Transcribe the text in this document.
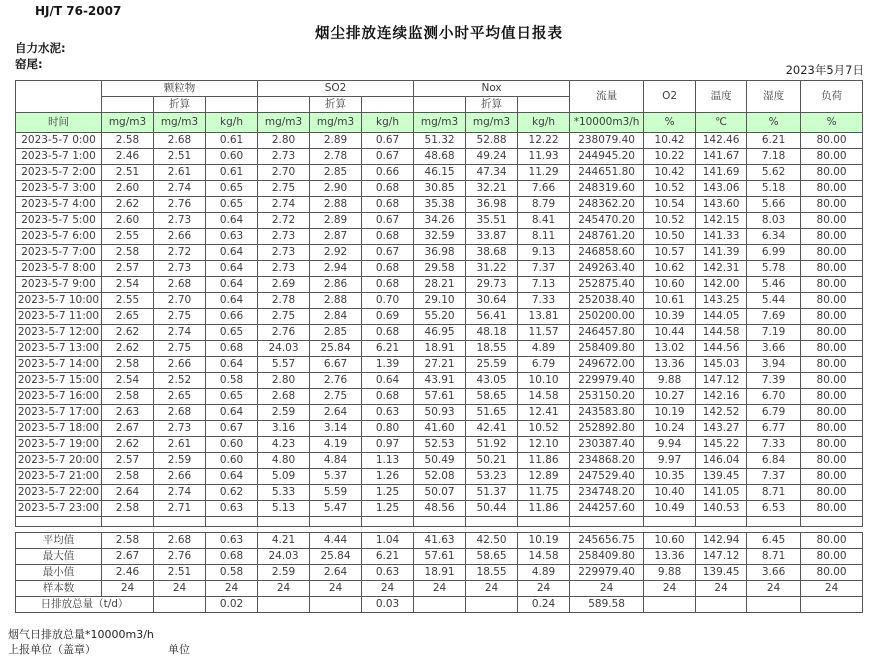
HJ/T 76-2007
烟尘排放连续监测小时平均值日报表
自力水泥:
窑尾:	2023年5月7日
	颗粒物			SO2			Nox			流量	O2	温度	湿度	负荷
		折算			折算			折算						
时间	mg/m3	mg/m3	kg/h	mg/m3	mg/m3	kg/h	mg/m3	mg/m3	kg/h	*10000m3/h	%	℃	%	%
2023-5-7 0:00	2.58	2.68	0.61	2.80	2.89	0.67	51.32	52.88	12.22	238079.40	10.42	142.46	6.21	80.00
2023-5-7 1:00	2.46	2.51	0.60	2.73	2.78	0.67	48.68	49.24	11.93	244945.20	10.22	141.67	7.18	80.00
2023-5-7 2:00	2.51	2.61	0.61	2.70	2.85	0.66	46.15	47.34	11.29	244651.80	10.42	141.69	5.62	80.00
2023-5-7 3:00	2.60	2.74	0.65	2.75	2.90	0.68	30.85	32.21	7.66	248319.60	10.52	143.06	5.18	80.00
2023-5-7 4:00	2.62	2.76	0.65	2.74	2.88	0.68	35.38	36.98	8.79	248362.20	10.54	143.60	5.66	80.00
2023-5-7 5:00	2.60	2.73	0.64	2.72	2.89	0.67	34.26	35.51	8.41	245470.20	10.52	142.15	8.03	80.00
2023-5-7 6:00	2.55	2.66	0.63	2.73	2.87	0.68	32.59	33.87	8.11	248761.20	10.50	141.33	6.34	80.00
2023-5-7 7:00	2.58	2.72	0.64	2.73	2.92	0.67	36.98	38.68	9.13	246858.60	10.57	141.39	6.99	80.00
2023-5-7 8:00	2.57	2.73	0.64	2.73	2.94	0.68	29.58	31.22	7.37	249263.40	10.62	142.31	5.78	80.00
2023-5-7 9:00	2.54	2.68	0.64	2.69	2.86	0.68	28.21	29.73	7.13	252875.40	10.60	142.00	5.46	80.00
2023-5-7 10:00	2.55	2.70	0.64	2.78	2.88	0.70	29.10	30.64	7.33	252038.40	10.61	143.25	5.44	80.00
2023-5-7 11:00	2.65	2.75	0.66	2.75	2.84	0.69	55.20	56.41	13.81	250200.00	10.39	144.05	7.69	80.00
2023-5-7 12:00	2.62	2.74	0.65	2.76	2.85	0.68	46.95	48.18	11.57	246457.80	10.44	144.58	7.19	80.00
2023-5-7 13:00	2.62	2.75	0.68	24.03	25.84	6.21	18.91	18.55	4.89	258409.80	13.02	144.56	3.66	80.00
2023-5-7 14:00	2.58	2.66	0.64	5.57	6.67	1.39	27.21	25.59	6.79	249672.00	13.36	145.03	3.94	80.00
2023-5-7 15:00	2.54	2.52	0.58	2.80	2.76	0.64	43.91	43.05	10.10	229979.40	9.88	147.12	7.39	80.00
2023-5-7 16:00	2.58	2.65	0.65	2.68	2.75	0.68	57.61	58.65	14.58	253150.20	10.27	142.16	6.70	80.00
2023-5-7 17:00	2.63	2.68	0.64	2.59	2.64	0.63	50.93	51.65	12.41	243583.80	10.19	142.52	6.79	80.00
2023-5-7 18:00	2.67	2.73	0.67	3.16	3.14	0.80	41.60	42.41	10.52	252892.80	10.24	143.27	6.77	80.00
2023-5-7 19:00	2.62	2.61	0.60	4.23	4.19	0.97	52.53	51.92	12.10	230387.40	9.94	145.22	7.33	80.00
2023-5-7 20:00	2.57	2.59	0.60	4.80	4.84	1.13	50.49	50.21	11.86	234868.20	9.97	146.04	6.84	80.00
2023-5-7 21:00	2.58	2.66	0.64	5.09	5.37	1.26	52.08	53.23	12.89	247529.40	10.35	139.45	7.37	80.00
2023-5-7 22:00	2.64	2.74	0.62	5.33	5.59	1.25	50.07	51.37	11.75	234748.20	10.40	141.05	8.71	80.00
2023-5-7 23:00	2.58	2.71	0.63	5.13	5.47	1.25	48.56	50.44	11.86	244257.60	10.49	140.53	6.53	80.00

平均值	2.58	2.68	0.63	4.21	4.44	1.04	41.63	42.50	10.19	245656.75	10.60	142.94	6.45	80.00
最大值	2.67	2.76	0.68	24.03	25.84	6.21	57.61	58.65	14.58	258409.80	13.36	147.12	8.71	80.00
最小值	2.46	2.51	0.58	2.59	2.64	0.63	18.91	18.55	4.89	229979.40	9.88	139.45	3.66	80.00
样本数	24	24	24	24	24	24	24	24	24	24	24	24	24	24
日排放总量（t/d）			0.02			0.03			0.24	589.58				
烟气日排放总量*10000m3/h
上报单位（盖章）	单位
